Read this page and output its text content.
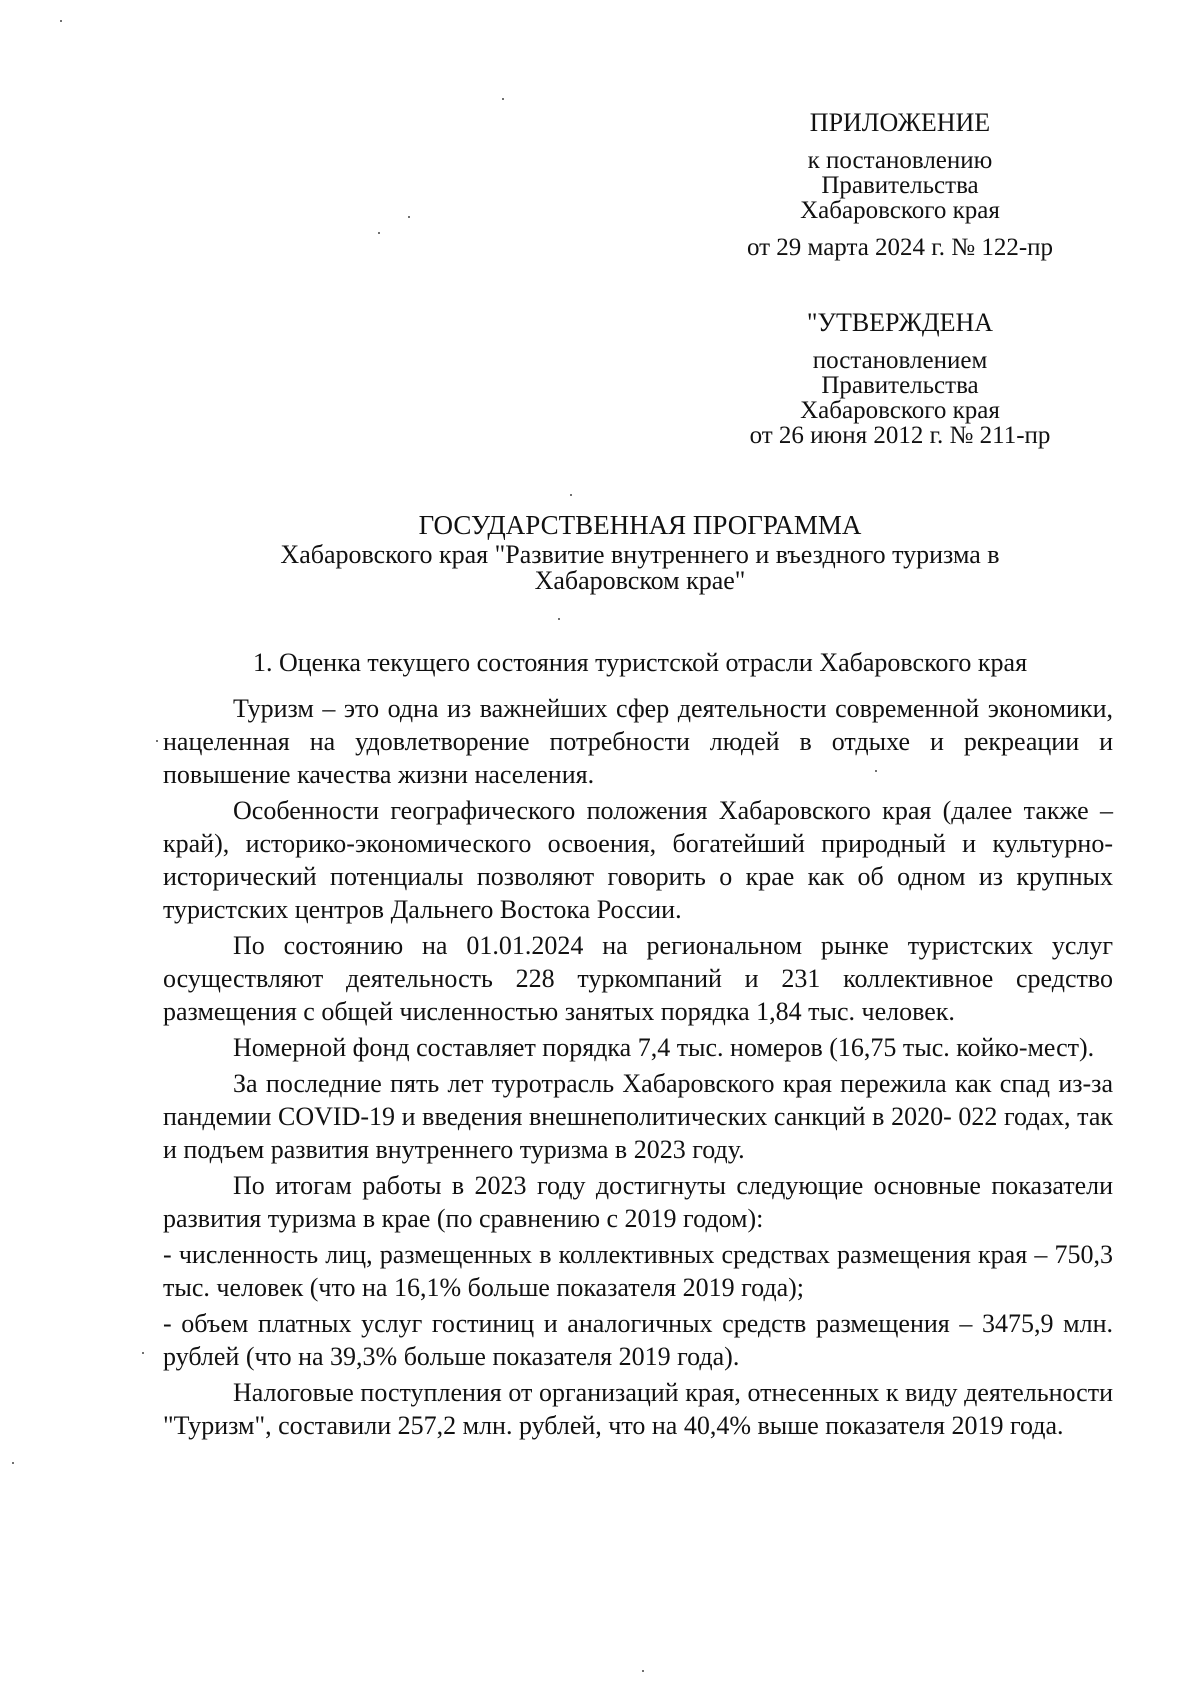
ПРИЛОЖЕНИЕ
к постановлению
Правительства
Хабаровского края
от 29 марта 2024 г. № 122-пр
"УТВЕРЖДЕНА
постановлением
Правительства
Хабаровского края
от 26 июня 2012 г. № 211-пр
ГОСУДАРСТВЕННАЯ ПРОГРАММА
Хабаровского края "Развитие внутреннего и въездного туризма в
Хабаровском крае"
1. Оценка текущего состояния туристской отрасли Хабаровского края

Туризм – это одна из важнейших сфер деятельности современной экономики, нацеленная на удовлетворение потребности людей в отдыхе и рекреации и повышение качества жизни населения.

Особенности географического положения Хабаровского края (далее также – край), историко-экономического освоения, богатейший природный и культурно-исторический потенциалы позволяют говорить о крае как об одном из крупных туристских центров Дальнего Востока России.

По состоянию на 01.01.2024 на региональном рынке туристских услуг осуществляют деятельность 228 туркомпаний и 231 коллективное средство размещения с общей численностью занятых порядка 1,84 тыс. человек.

Номерной фонд составляет порядка 7,4 тыс. номеров (16,75 тыс. койко-мест).

За последние пять лет туротрасль Хабаровского края пережила как спад из-за пандемии COVID-19 и введения внешнеполитических санкций в 2020- 022 годах, так и подъем развития внутреннего туризма в 2023 году.

По итогам работы в 2023 году достигнуты следующие основные показатели развития туризма в крае (по сравнению с 2019 годом):

- численность лиц, размещенных в коллективных средствах размещения края – 750,3 тыс. человек (что на 16,1% больше показателя 2019 года);

- объем платных услуг гостиниц и аналогичных средств размещения – 3475,9 млн. рублей (что на 39,3% больше показателя 2019 года).

Налоговые поступления от организаций края, отнесенных к виду деятельности "Туризм", составили 257,2 млн. рублей, что на 40,4% выше показателя 2019 года.
